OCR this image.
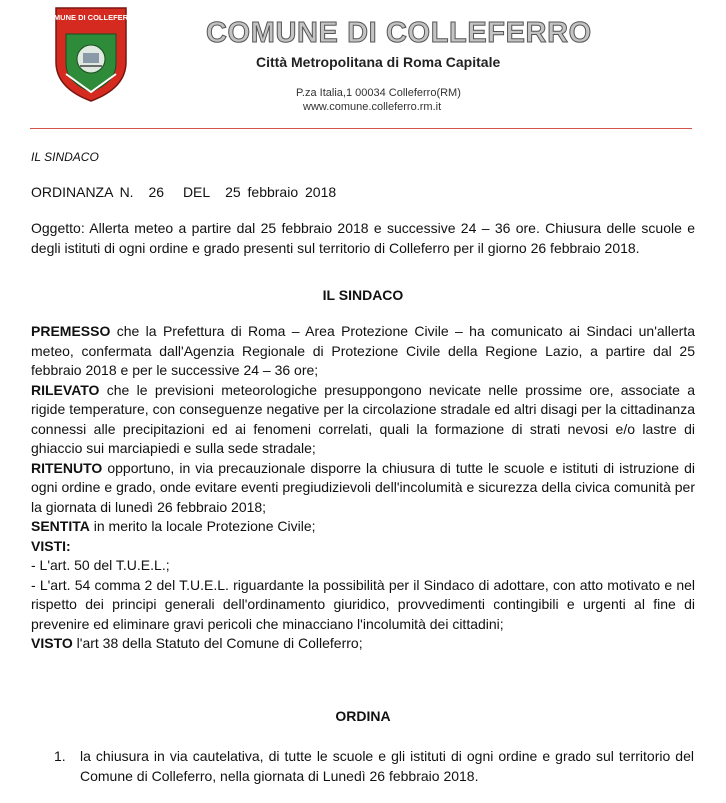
COMUNE DI COLLEFERRO COMUNE DI COLLEFERRO
Città Metropolitana di Roma Capitale
P.za Italia,1 00034 Colleferro(RM)
www.comune.colleferro.rm.it
IL SINDACO
ORDINANZA N. 26 DEL 25 febbraio 2018
Oggetto: Allerta meteo a partire dal 25 febbraio 2018 e successive 24 – 36 ore. Chiusura delle scuole e degli istituti di ogni ordine e grado presenti sul territorio di Colleferro per il giorno 26 febbraio 2018.
IL SINDACO

PREMESSO che la Prefettura di Roma – Area Protezione Civile – ha comunicato ai Sindaci un'allerta meteo, confermata dall'Agenzia Regionale di Protezione Civile della Regione Lazio, a partire dal 25 febbraio 2018 e per le successive 24 – 36 ore;

RILEVATO che le previsioni meteorologiche presuppongono nevicate nelle prossime ore, associate a rigide temperature, con conseguenze negative per la circolazione stradale ed altri disagi per la cittadinanza connessi alle precipitazioni ed ai fenomeni correlati, quali la formazione di strati nevosi e/o lastre di ghiaccio sui marciapiedi e sulla sede stradale;

RITENUTO opportuno, in via precauzionale disporre la chiusura di tutte le scuole e istituti di istruzione di ogni ordine e grado, onde evitare eventi pregiudizievoli dell'incolumità e sicurezza della civica comunità per la giornata di lunedì 26 febbraio 2018;

SENTITA in merito la locale Protezione Civile;

VISTI:

- L'art. 50 del T.U.E.L.;

- L'art. 54 comma 2 del T.U.E.L. riguardante la possibilità per il Sindaco di adottare, con atto motivato e nel rispetto dei principi generali dell'ordinamento giuridico, provvedimenti contingibili e urgenti al fine di prevenire ed eliminare gravi pericoli che minacciano l'incolumità dei cittadini;

VISTO l'art 38 della Statuto del Comune di Colleferro;

ORDINA
1. la chiusura in via cautelativa, di tutte le scuole e gli istituti di ogni ordine e grado sul territorio del Comune di Colleferro, nella giornata di Lunedì 26 febbraio 2018.
